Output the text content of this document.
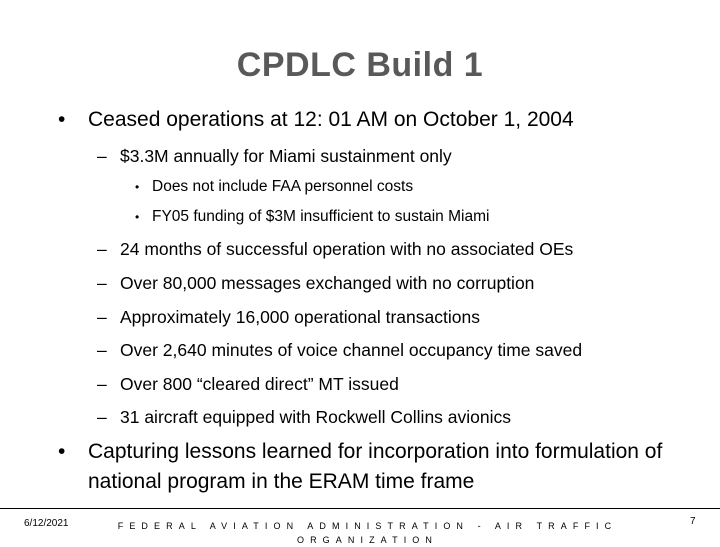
CPDLC Build 1
• Ceased operations at 12: 01 AM on October 1, 2004
– $3.3M annually for Miami sustainment only
• Does not include FAA personnel costs
• FY05 funding of $3M insufficient to sustain Miami
– 24 months of successful operation with no associated OEs
– Over 80,000 messages exchanged with no corruption
– Approximately 16,000 operational transactions
– Over 2,640 minutes of voice channel occupancy time saved
– Over 800 “cleared direct” MT issued
– 31 aircraft equipped with Rockwell Collins avionics
• Capturing lessons learned for incorporation into formulation of national program in the ERAM time frame
6/12/2021	FEDERAL AVIATION ADMINISTRATION - AIR TRAFFIC ORGANIZATION
7
